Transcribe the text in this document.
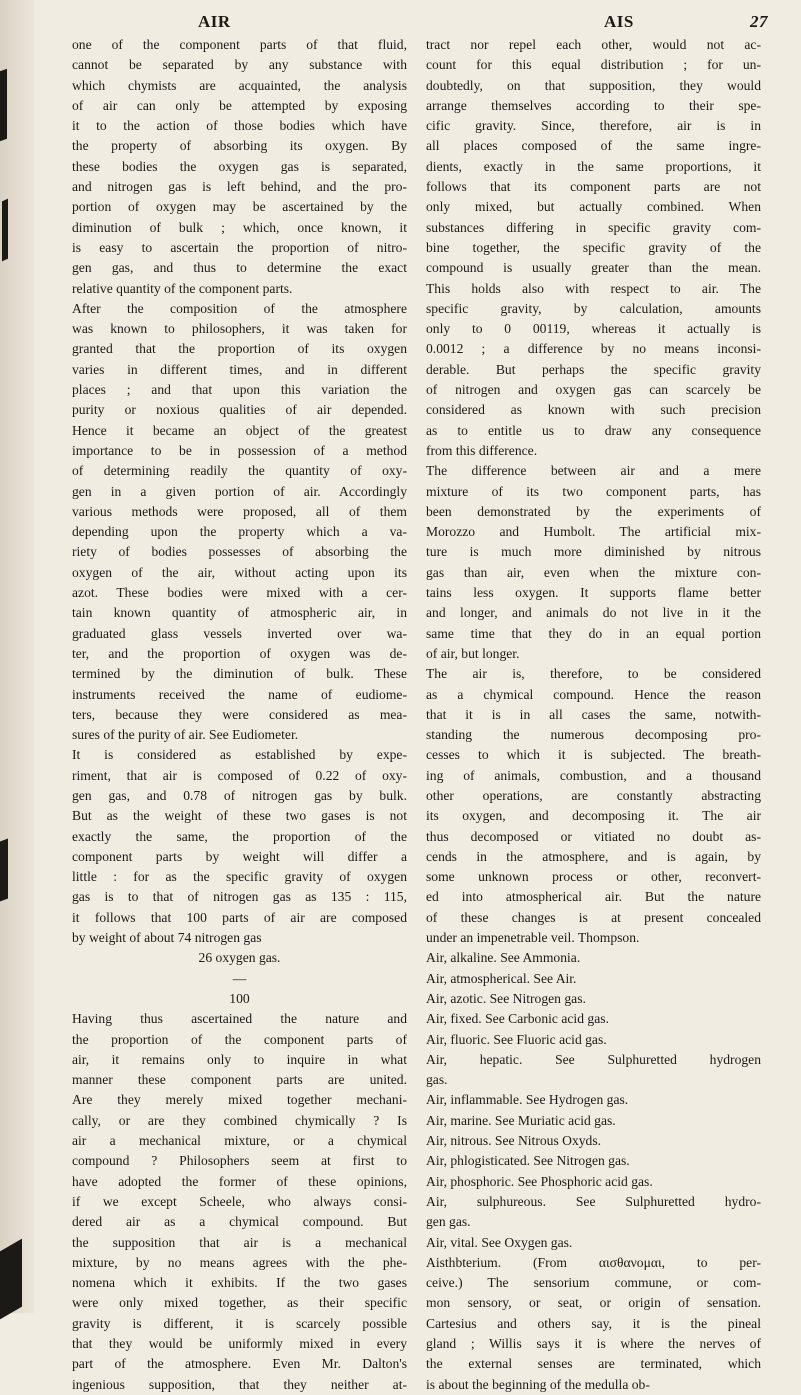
AIR	AIS	27
one of the component parts of that fluid,
cannot be separated by any substance with
which chymists are acquainted, the analysis
of air can only be attempted by exposing
it to the action of those bodies which have
the property of absorbing its oxygen. By
these bodies the oxygen gas is separated,
and nitrogen gas is left behind, and the pro-
portion of oxygen may be ascertained by the
diminution of bulk ; which, once known, it
is easy to ascertain the proportion of nitro-
gen gas, and thus to determine the exact
relative quantity of the component parts.
After the composition of the atmosphere
was known to philosophers, it was taken for
granted that the proportion of its oxygen
varies in different times, and in different
places ; and that upon this variation the
purity or noxious qualities of air depended.
Hence it became an object of the greatest
importance to be in possession of a method
of determining readily the quantity of oxy-
gen in a given portion of air. Accordingly
various methods were proposed, all of them
depending upon the property which a va-
riety of bodies possesses of absorbing the
oxygen of the air, without acting upon its
azot. These bodies were mixed with a cer-
tain known quantity of atmospheric air, in
graduated glass vessels inverted over wa-
ter, and the proportion of oxygen was de-
termined by the diminution of bulk. These
instruments received the name of eudiome-
ters, because they were considered as mea-
sures of the purity of air. See Eudiometer.
It is considered as established by expe-
riment, that air is composed of 0.22 of oxy-
gen gas, and 0.78 of nitrogen gas by bulk.
But as the weight of these two gases is not
exactly the same, the proportion of the
component parts by weight will differ a
little : for as the specific gravity of oxygen
gas is to that of nitrogen gas as 135 : 115,
it follows that 100 parts of air are composed
by weight of about 74 nitrogen gas
26 oxygen gas.
—
100
Having thus ascertained the nature and
the proportion of the component parts of
air, it remains only to inquire in what
manner these component parts are united.
Are they merely mixed together mechani-
cally, or are they combined chymically ? Is
air a mechanical mixture, or a chymical
compound ? Philosophers seem at first to
have adopted the former of these opinions,
if we except Scheele, who always consi-
dered air as a chymical compound. But
the supposition that air is a mechanical
mixture, by no means agrees with the phe-
nomena which it exhibits. If the two gases
were only mixed together, as their specific
gravity is different, it is scarcely possible
that they would be uniformly mixed in every
part of the atmosphere. Even Mr. Dalton's
ingenious supposition, that they neither at-
tract nor repel each other, would not ac-
count for this equal distribution ; for un-
doubtedly, on that supposition, they would
arrange themselves according to their spe-
cific gravity. Since, therefore, air is in
all places composed of the same ingre-
dients, exactly in the same proportions, it
follows that its component parts are not
only mixed, but actually combined. When
substances differing in specific gravity com-
bine together, the specific gravity of the
compound is usually greater than the mean.
This holds also with respect to air. The
specific gravity, by calculation, amounts
only to 0 00119, whereas it actually is
0.0012 ; a difference by no means inconsi-
derable. But perhaps the specific gravity
of nitrogen and oxygen gas can scarcely be
considered as known with such precision
as to entitle us to draw any consequence
from this difference.
The difference between air and a mere
mixture of its two component parts, has
been demonstrated by the experiments of
Morozzo and Humbolt. The artificial mix-
ture is much more diminished by nitrous
gas than air, even when the mixture con-
tains less oxygen. It supports flame better
and longer, and animals do not live in it the
same time that they do in an equal portion
of air, but longer.
The air is, therefore, to be considered
as a chymical compound. Hence the reason
that it is in all cases the same, notwith-
standing the numerous decomposing pro-
cesses to which it is subjected. The breath-
ing of animals, combustion, and a thousand
other operations, are constantly abstracting
its oxygen, and decomposing it. The air
thus decomposed or vitiated no doubt as-
cends in the atmosphere, and is again, by
some unknown process or other, reconvert-
ed into atmospherical air. But the nature
of these changes is at present concealed
under an impenetrable veil. Thompson.
Air, alkaline. See Ammonia.
Air, atmospherical. See Air.
Air, azotic. See Nitrogen gas.
Air, fixed. See Carbonic acid gas.
Air, fluoric. See Fluoric acid gas.
Air, hepatic. See Sulphuretted hydrogen
gas.
Air, inflammable. See Hydrogen gas.
Air, marine. See Muriatic acid gas.
Air, nitrous. See Nitrous Oxyds.
Air, phlogisticated. See Nitrogen gas.
Air, phosphoric. See Phosphoric acid gas.
Air, sulphureous. See Sulphuretted hydro-
gen gas.
Air, vital. See Oxygen gas.
Aisthbterium. (From αισθανομαι, to per-
ceive.) The sensorium commune, or com-
mon sensory, or seat, or origin of sensation.
Cartesius and others say, it is the pineal
gland ; Willis says it is where the nerves of
the external senses are terminated, which
is about the beginning of the medulla ob-
